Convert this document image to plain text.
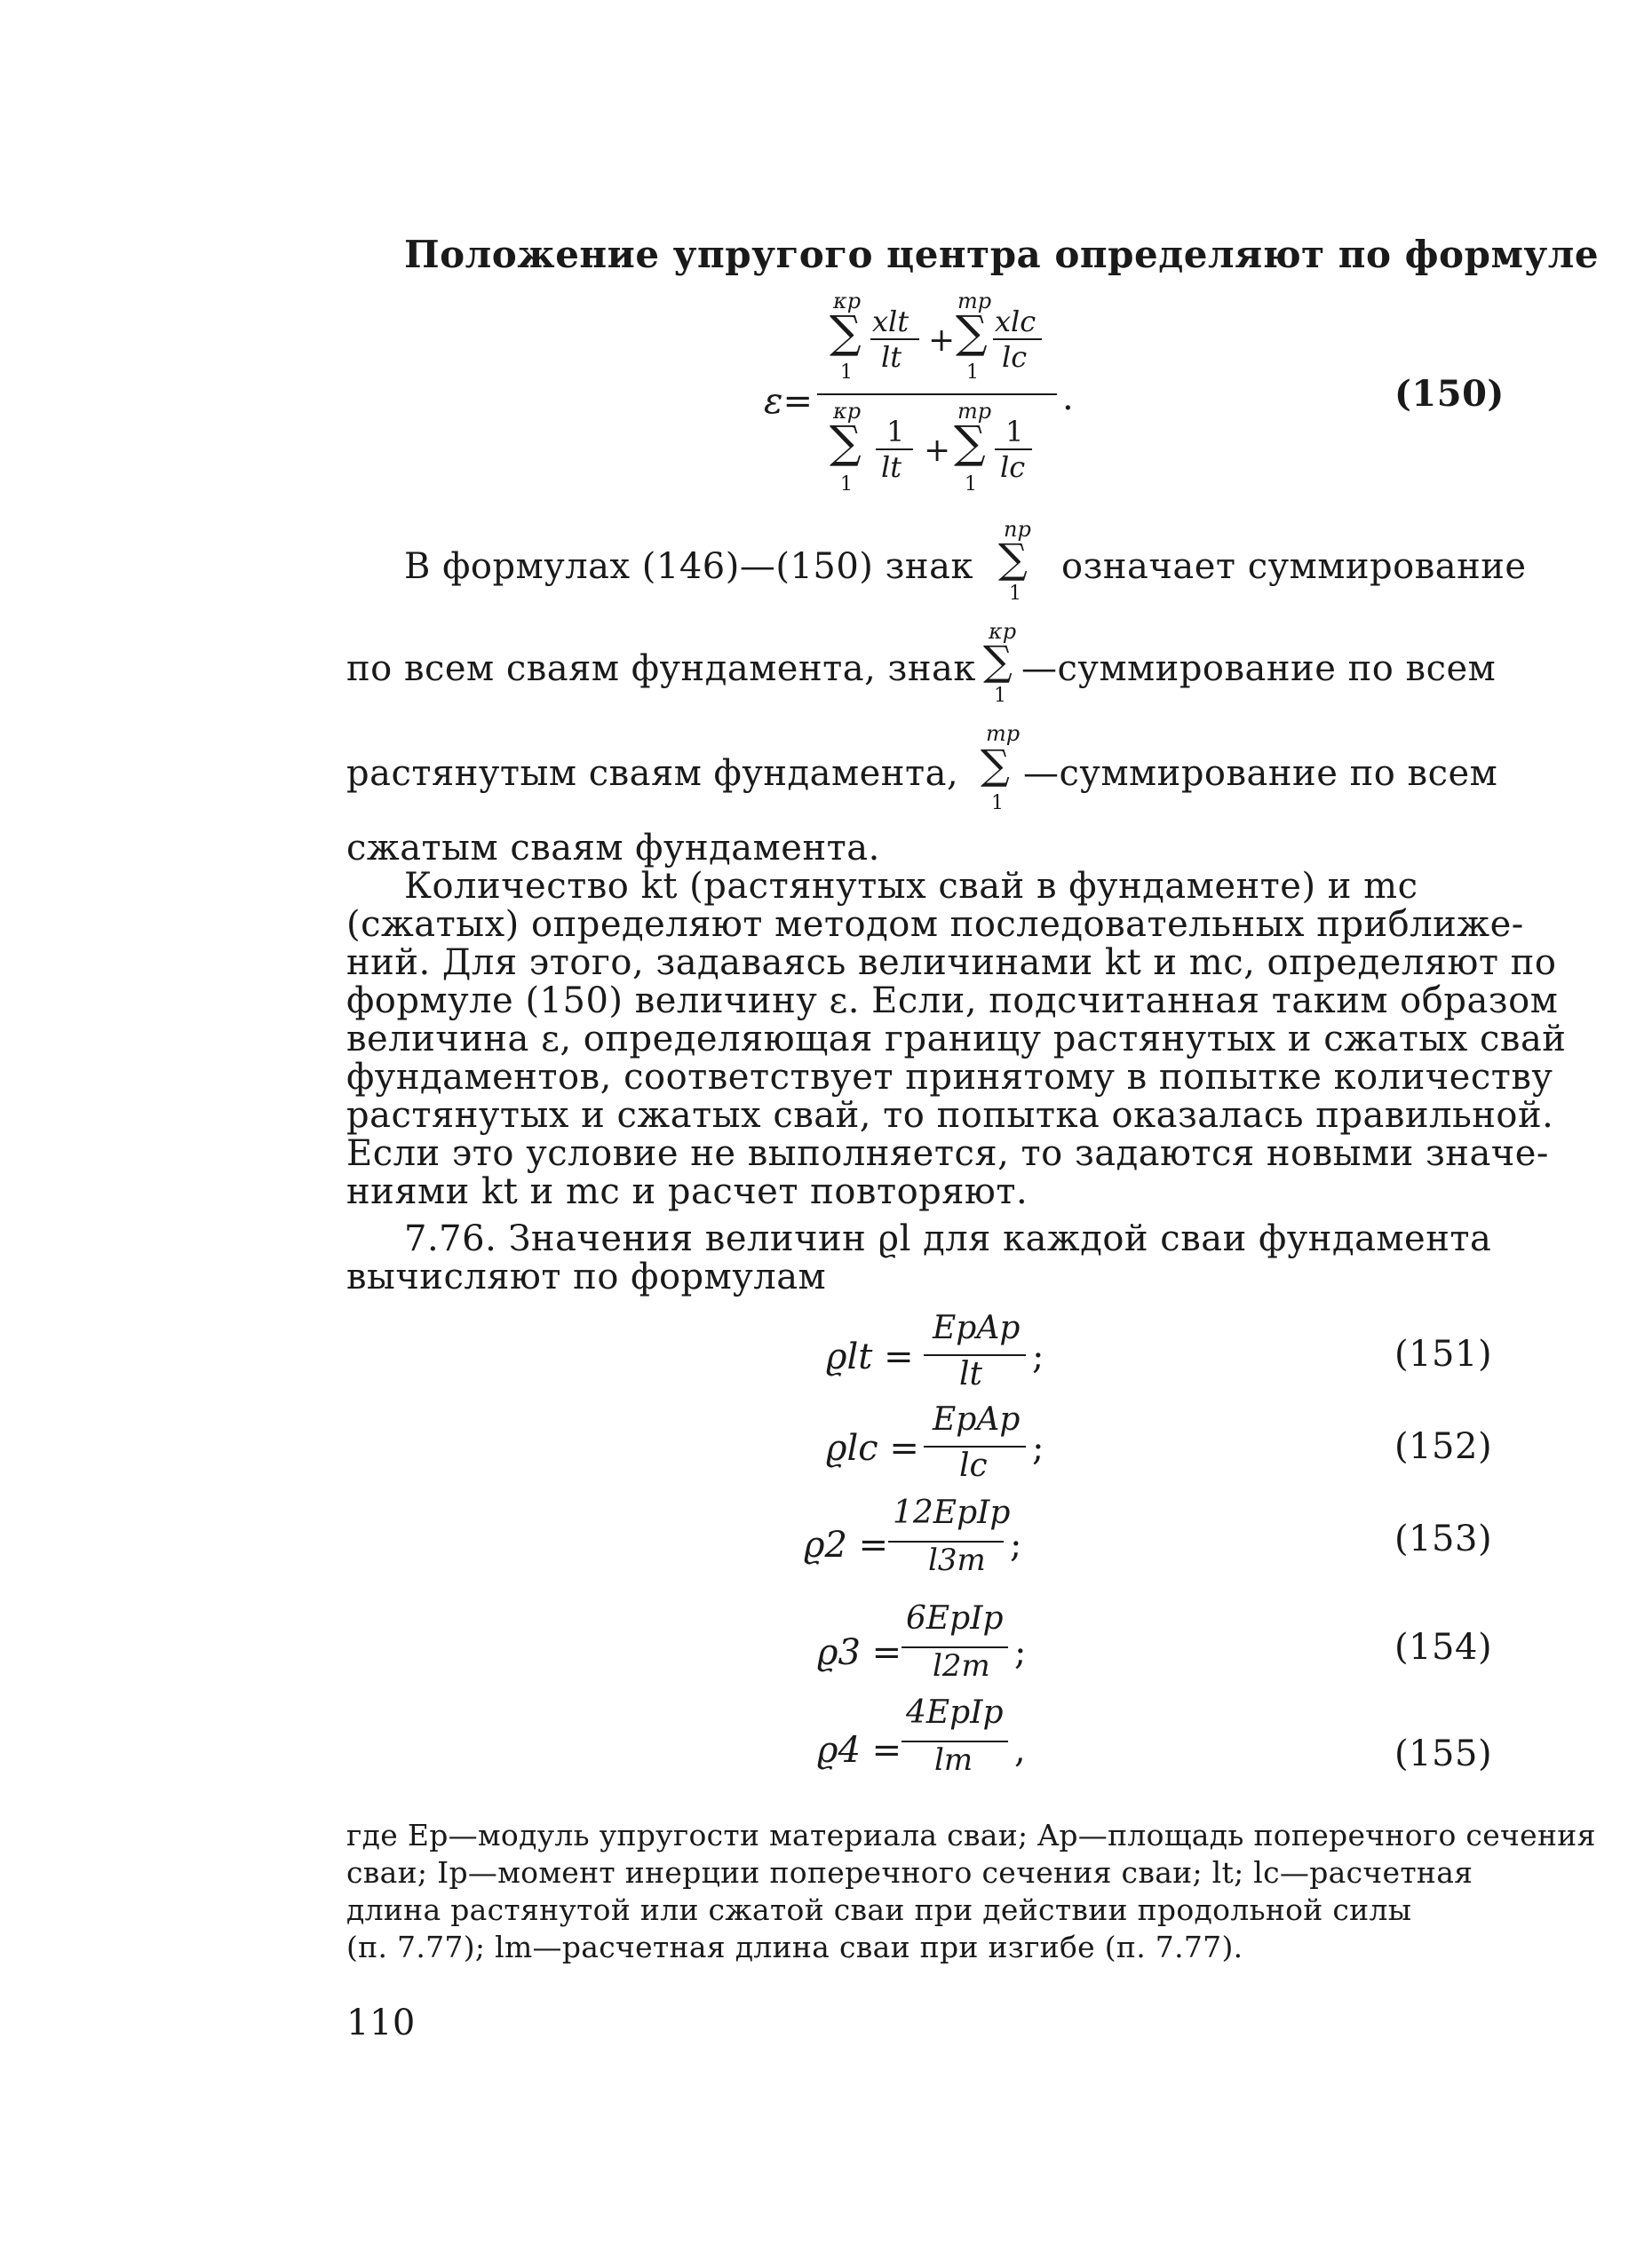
Положение упругого центра определяют по формуле
ε=
κp
∑
1
xlt
lt +
mp
∑
1
xlc
lc
.
κp
∑
1
1
lt +
mp
∑
1
1
lc
(150)
В формулах (146)—(150) знак
np
∑
1
означает суммирование
по всем сваям фундамента, знак
κp
∑
1
—суммирование по всем
растянутым сваям фундамента,
mp
∑
1
—суммирование по всем
сжатым сваям фундамента.
Количество kt (растянутых свай в фундаменте) и mc
(сжатых) определяют методом последовательных приближе-
ний. Для этого, задаваясь величинами kt и mc, определяют по
формуле (150) величину ε. Если, подсчитанная таким образом
величина ε, определяющая границу растянутых и сжатых свай
фундаментов, соответствует принятому в попытке количеству
растянутых и сжатых свай, то попытка оказалась правильной.
Если это условие не выполняется, то задаются новыми значе-
ниями kt и mc и расчет повторяют.
7.76. Значения величин ϱl для каждой сваи фундамента
вычисляют по формулам
ϱlt =
EpAp
lt ;	(151)
ϱlc =
EpAp
lc ;	(152)
ϱ2 =
12EpIp
l3m ;	(153)
ϱ3 =
6EpIp
l2m ;	(154)
ϱ4 =
4EpIp
lm ,	(155)
где Ep—модуль упругости материала сваи; Ap—площадь поперечного сечения
сваи; Ip—момент инерции поперечного сечения сваи; lt; lc—расчетная
длина растянутой или сжатой сваи при действии продольной силы
(п. 7.77); lm—расчетная длина сваи при изгибе (п. 7.77).
110
